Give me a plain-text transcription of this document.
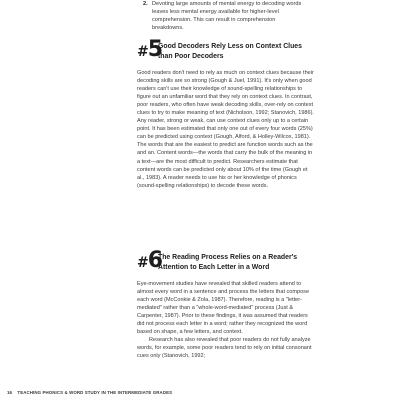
2. Devoting large amounts of mental energy to decoding words leaves less mental energy available for higher-level comprehension. This can result in comprehension breakdowns.

#5
Good Decoders Rely Less on Context Clues than Poor Decoders

Good readers don't need to rely as much on context clues because their decoding skills are so strong (Gough & Juel, 1991). It's only when good readers can't use their knowledge of sound-spelling relationships to figure out an unfamiliar word that they rely on context clues. In contrast, poor readers, who often have weak decoding skills, over-rely on context clues to try to make meaning of text (Nicholson, 1992; Stanovich, 1986). Any reader, strong or weak, can use context clues only up to a certain point. It has been estimated that only one out of every four words (25%) can be predicted using context (Gough, Alford, & Holley-Wilcox, 1981). The words that are the easiest to predict are function words such as the and an. Content words—the words that carry the bulk of the meaning in a text—are the most difficult to predict. Researchers estimate that content words can be predicted only about 10% of the time (Gough et al., 1983). A reader needs to use his or her knowledge of phonics (sound-spelling relationships) to decode these words.

#6
The Reading Process Relies on a Reader's Attention to Each Letter in a Word

Eye-movement studies have revealed that skilled readers attend to almost every word in a sentence and process the letters that compose each word (McConkie & Zola, 1987). Therefore, reading is a "letter-mediated" rather than a "whole-word-mediated" process (Just & Carpenter, 1987). Prior to these findings, it was assumed that readers did not process each letter in a word; rather they recognized the word based on shape, a few letters, and context.

Research has also revealed that poor readers do not fully analyze words, for example, some poor readers tend to rely on initial consonant cues only (Stanovich, 1992;

16 TEACHING PHONICS & WORD STUDY IN THE INTERMEDIATE GRADES
